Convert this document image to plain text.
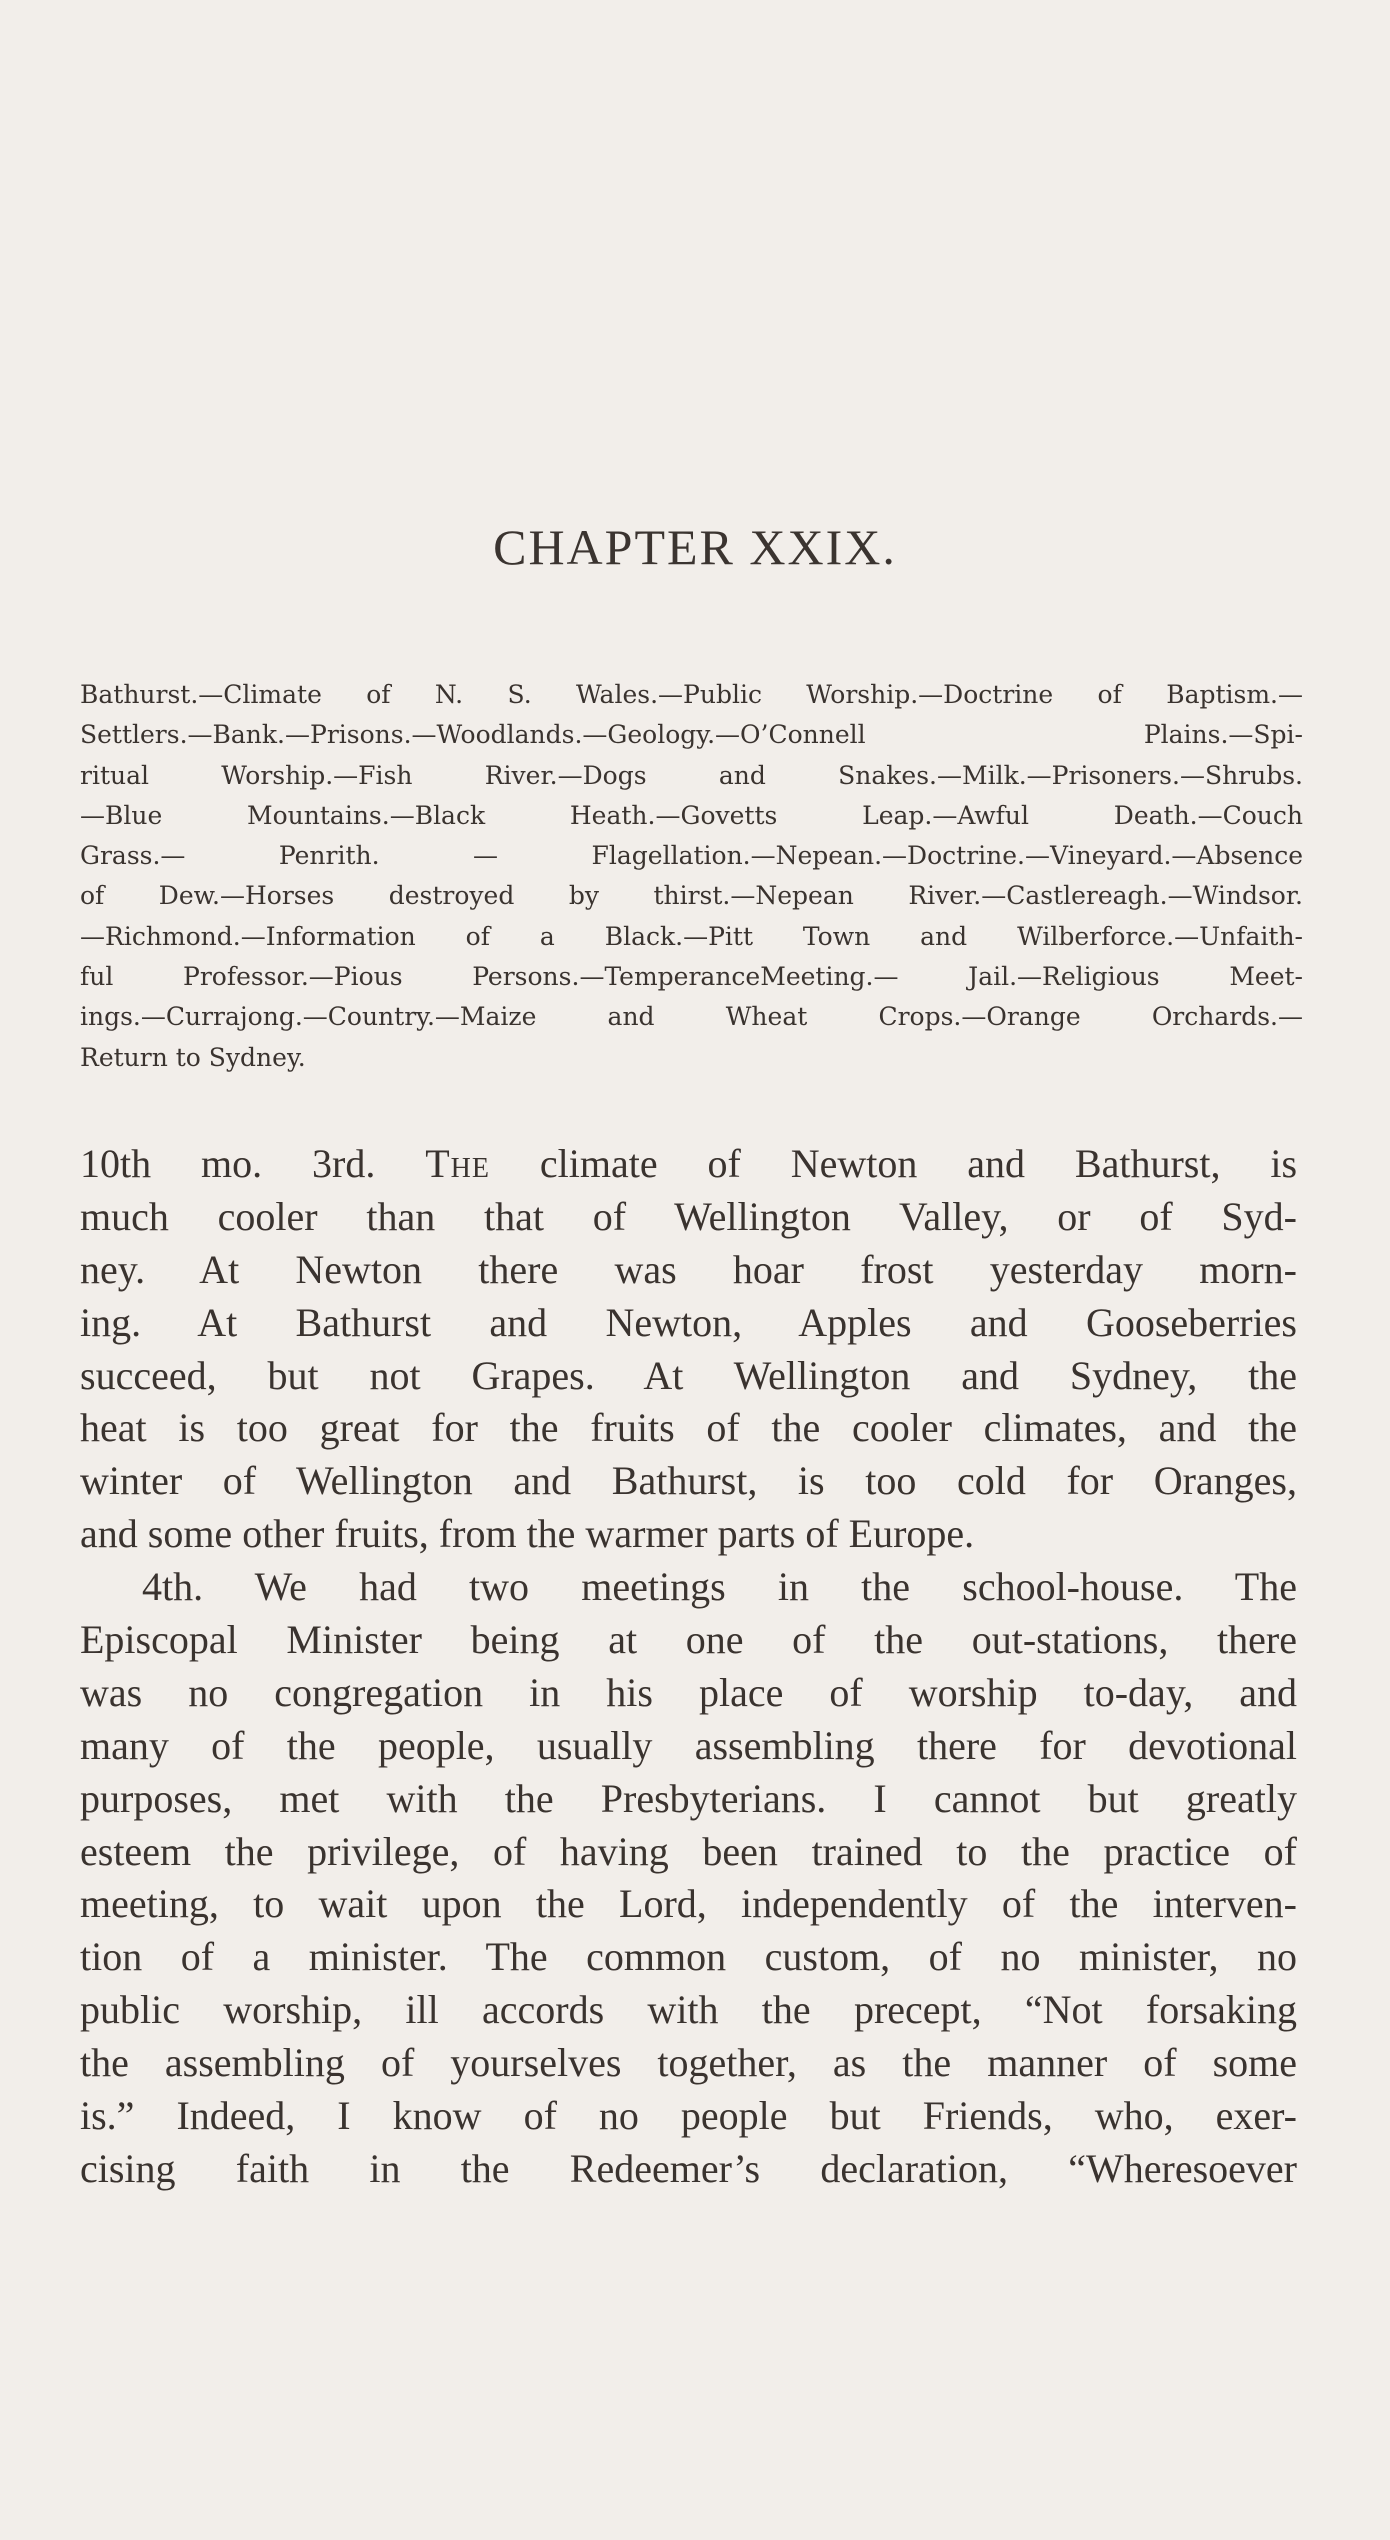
CHAPTER XXIX.
Bathurst.—Climate of N. S. Wales.—Public Worship.—Doctrine of Baptism.—
Settlers.—Bank.—Prisons.—Woodlands.—Geology.—O’Connell Plains.—Spi-
ritual Worship.—Fish River.—Dogs and Snakes.—Milk.—Prisoners.—Shrubs.
—Blue Mountains.—Black Heath.—Govetts Leap.—Awful Death.—Couch
Grass.— Penrith. — Flagellation.—Nepean.—Doctrine.—Vineyard.—Absence
of Dew.—Horses destroyed by thirst.—Nepean River.—Castlereagh.—Windsor.
—Richmond.—Information of a Black.—Pitt Town and Wilberforce.—Unfaith-
ful Professor.—Pious Persons.—TemperanceMeeting.— Jail.—Religious Meet-
ings.—Currajong.—Country.—Maize and Wheat Crops.—Orange Orchards.—
Return to Sydney.
10th mo. 3rd. The climate of Newton and Bathurst, is
much cooler than that of Wellington Valley, or of Syd-
ney. At Newton there was hoar frost yesterday morn-
ing. At Bathurst and Newton, Apples and Gooseberries
succeed, but not Grapes. At Wellington and Sydney, the
heat is too great for the fruits of the cooler climates, and the
winter of Wellington and Bathurst, is too cold for Oranges,
and some other fruits, from the warmer parts of Europe.
4th. We had two meetings in the school-house. The
Episcopal Minister being at one of the out-stations, there
was no congregation in his place of worship to-day, and
many of the people, usually assembling there for devotional
purposes, met with the Presbyterians. I cannot but greatly
esteem the privilege, of having been trained to the practice of
meeting, to wait upon the Lord, independently of the interven-
tion of a minister. The common custom, of no minister, no
public worship, ill accords with the precept, “Not forsaking
the assembling of yourselves together, as the manner of some
is.” Indeed, I know of no people but Friends, who, exer-
cising faith in the Redeemer’s declaration, “Wheresoever
